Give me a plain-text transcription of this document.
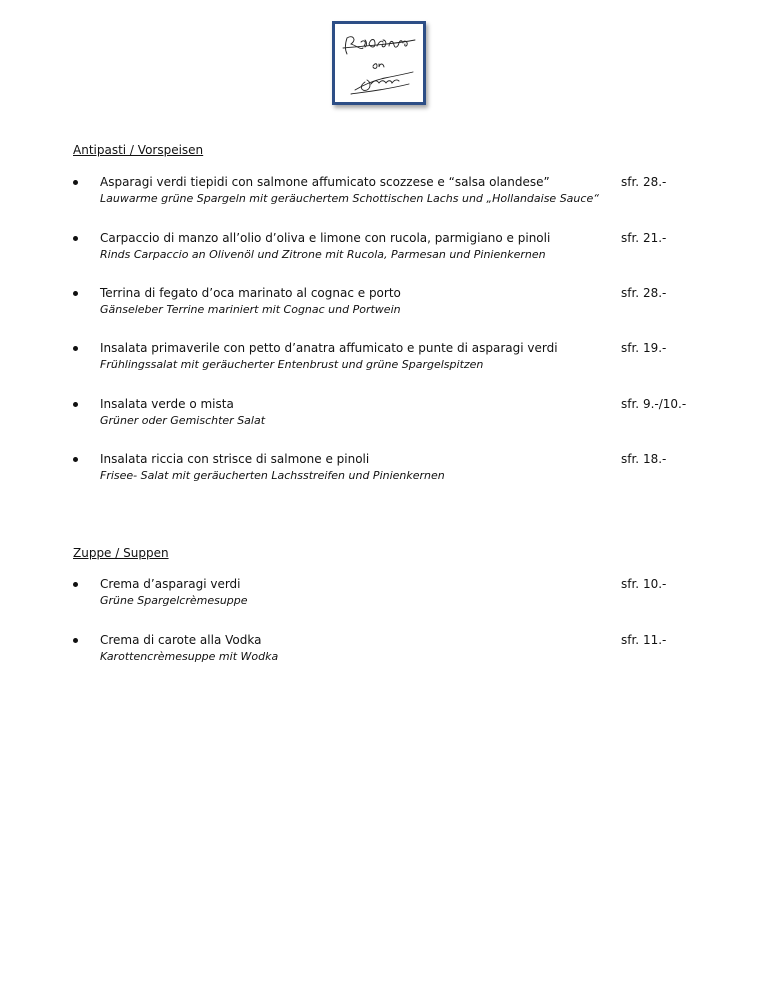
Antipasti / Vorspeisen
Asparagi verdi tiepidi con salmone affumicato scozzese e “salsa olandese”
Lauwarme grüne Spargeln mit geräuchertem Schottischen Lachs und „Hollandaise Sauce“
sfr. 28.-
Carpaccio di manzo all’olio d’oliva e limone con rucola, parmigiano e pinoli
Rinds Carpaccio an Olivenöl und Zitrone mit Rucola, Parmesan und Pinienkernen
sfr. 21.-
Terrina di fegato d’oca marinato al cognac e porto
Gänseleber Terrine mariniert mit Cognac und Portwein
sfr. 28.-
Insalata primaverile con petto d’anatra affumicato e punte di asparagi verdi
Frühlingssalat mit geräucherter Entenbrust und grüne Spargelspitzen
sfr. 19.-
Insalata verde o mista
Grüner oder Gemischter Salat
sfr. 9.-/10.-
Insalata riccia con strisce di salmone e pinoli
Frisee- Salat mit geräucherten Lachsstreifen und Pinienkernen
sfr. 18.-
Zuppe / Suppen
Crema d’asparagi verdi
Grüne Spargelcrèmesuppe
sfr. 10.-
Crema di carote alla Vodka
Karottencrèmesuppe mit Wodka
sfr. 11.-
